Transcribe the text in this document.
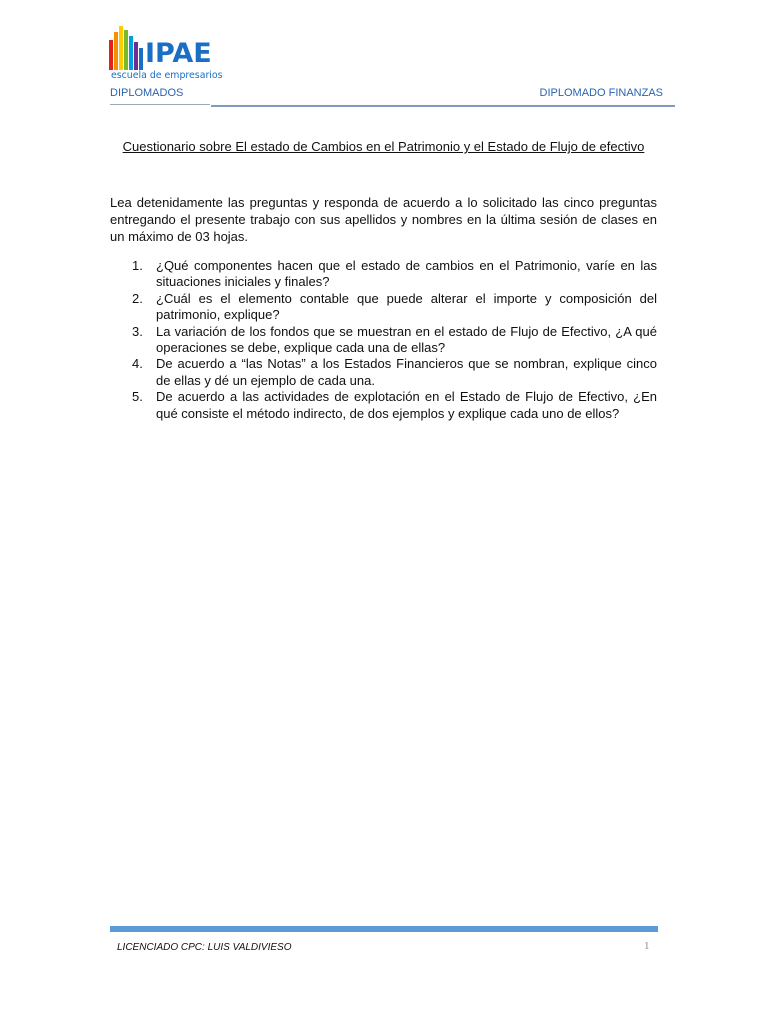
IPAE
escuela de empresarios
DIPLOMADOS	DIPLOMADO FINANZAS
Cuestionario sobre El estado de Cambios en el Patrimonio y el Estado de Flujo de efectivo
Lea detenidamente las preguntas y responda de acuerdo a lo solicitado las cinco preguntas entregando el presente trabajo con sus apellidos y nombres en la última sesión de clases en un máximo de 03 hojas.
1. ¿Qué componentes hacen que el estado de cambios en el Patrimonio, varíe en las situaciones iniciales y finales?
2. ¿Cuál es el elemento contable que puede alterar el importe y composición del patrimonio, explique?
3. La variación de los fondos que se muestran en el estado de Flujo de Efectivo, ¿A qué operaciones se debe, explique cada una de ellas?
4. De acuerdo a “las Notas” a los Estados Financieros que se nombran, explique cinco de ellas y dé un ejemplo de cada una.
5. De acuerdo a las actividades de explotación en el Estado de Flujo de Efectivo, ¿En qué consiste el método indirecto, de dos ejemplos y explique cada uno de ellos?
LICENCIADO CPC: LUIS VALDIVIESO	1
